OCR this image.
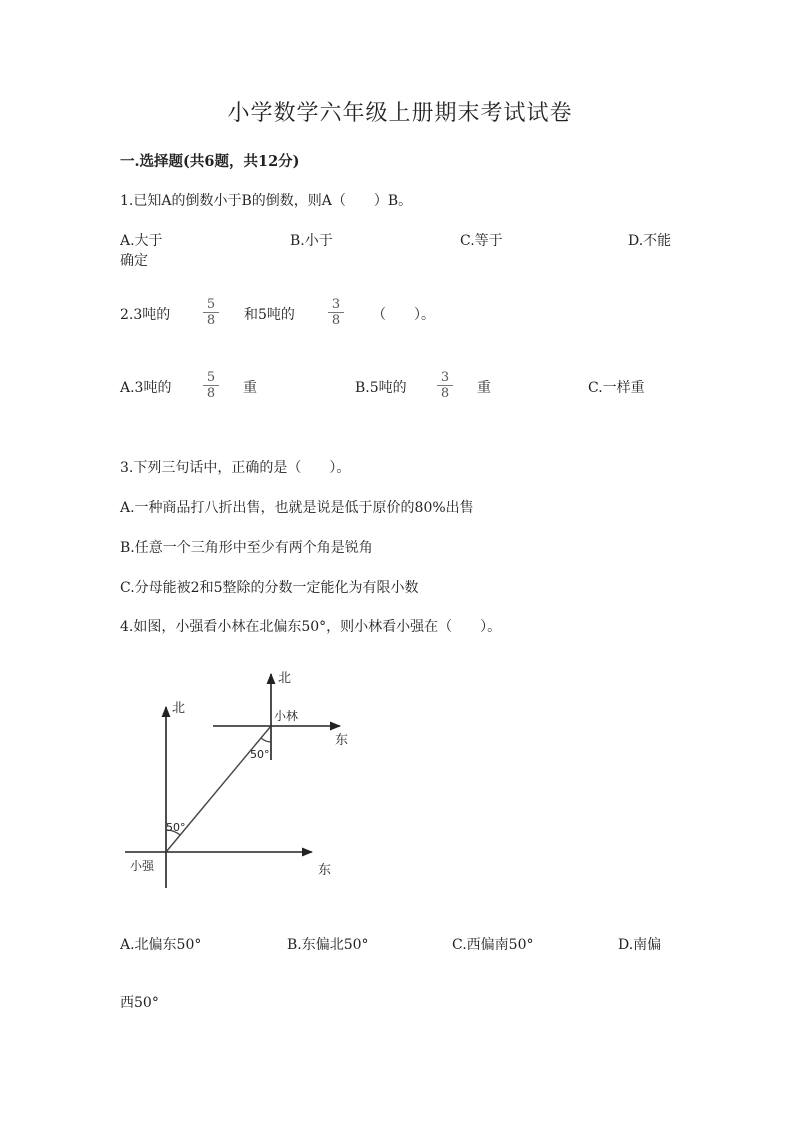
小学数学六年级上册期末考试试卷
一.选择题(共6题，共12分)
1.已知A的倒数小于B的倒数，则A（　　）B。
A.大于	B.小于	C.等于	D.不能
确定
2.3吨的	$\frac{5}{8}$ 和5吨的	$\frac{3}{8}$ （　　）。
A.3吨的 $\frac{5}{8}$ 重	B.5吨的 $\frac{3}{8}$ 重	C.一样重
3.下列三句话中，正确的是（　　）。
A.一种商品打八折出售，也就是说是低于原价的80%出售
B.任意一个三角形中至少有两个角是锐角
C.分母能被2和5整除的分数一定能化为有限小数
4.如图，小强看小林在北偏东50°，则小林看小强在（　　）。
北
北
东
东
小林
小强
50°
50°
A.北偏东50°	B.东偏北50°	C.西偏南50°	D.南偏
西50°
